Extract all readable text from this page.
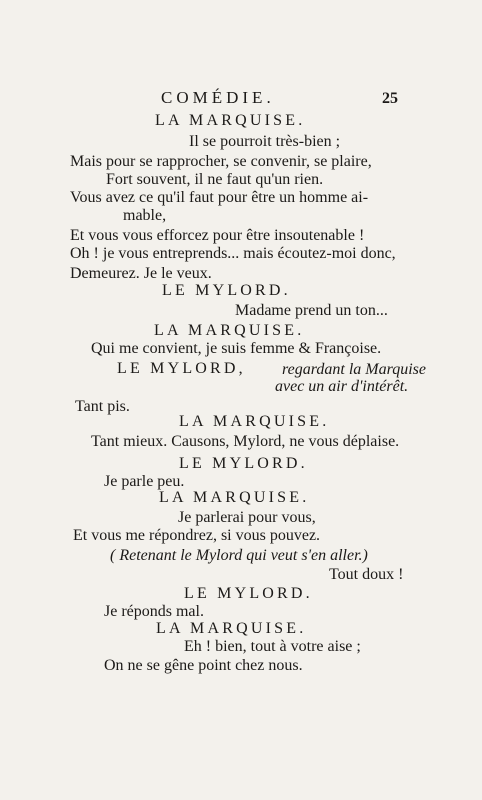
COMÉDIE.	25
LA MARQUISE.
Il se pourroit très-bien ;
Mais pour se rapprocher, se convenir, se plaire,
Fort souvent, il ne faut qu'un rien.
Vous avez ce qu'il faut pour être un homme ai-
mable,
Et vous vous efforcez pour être insoutenable !
Oh ! je vous entreprends... mais écoutez-moi donc,
Demeurez. Je le veux.
LE MYLORD.
Madame prend un ton...
LA MARQUISE.
Qui me convient, je suis femme & Françoise.
LE MYLORD, regardant la Marquise
avec un air d'intérêt.
Tant pis.
LA MARQUISE.
Tant mieux. Causons, Mylord, ne vous déplaise.
LE MYLORD.
Je parle peu.
LA MARQUISE.
Je parlerai pour vous,
Et vous me répondrez, si vous pouvez.
( Retenant le Mylord qui veut s'en aller.)
Tout doux !
LE MYLORD.
Je réponds mal.
LA MARQUISE.
Eh ! bien, tout à votre aise ;
On ne se gêne point chez nous.
